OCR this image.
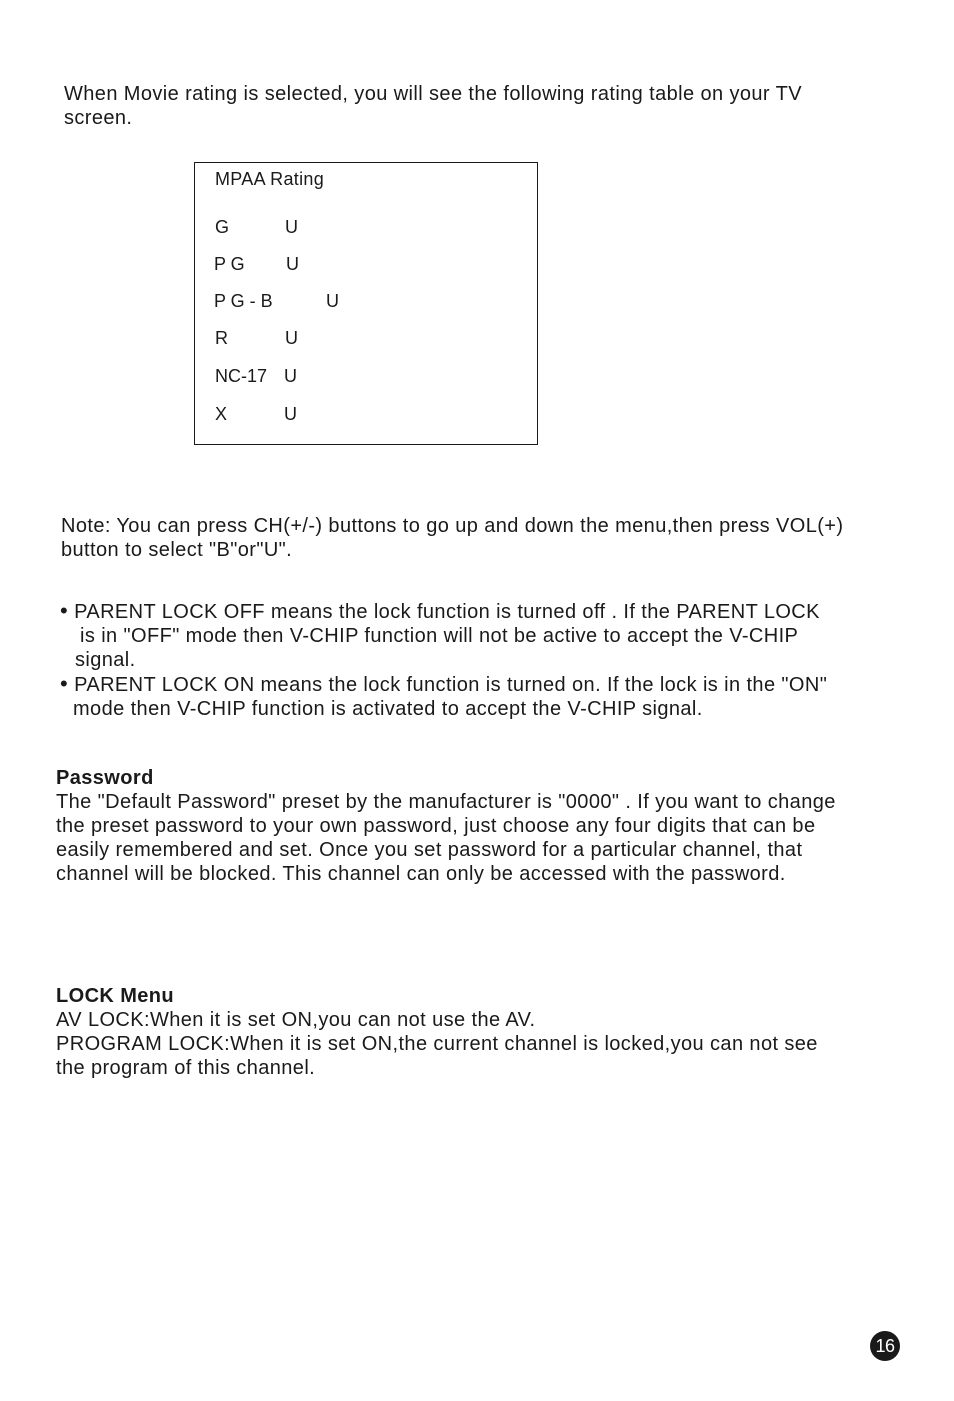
When Movie rating is selected, you will see the following rating table on your TV
screen.
MPAA Rating
G	U
P G U
P G - B	U
R	U
NC-17 U
X	U
Note: You can press CH(+/-) buttons to go up and down the menu,then press VOL(+)
button to select "B"or"U".
• PARENT LOCK OFF means the lock function is turned off . If the PARENT LOCK
is in "OFF" mode then V-CHIP function will not be active to accept the V-CHIP
signal.
• PARENT LOCK ON means the lock function is turned on. If the lock is in the "ON"
mode then V-CHIP function is activated to accept the V-CHIP signal.
Password
The "Default Password" preset by the manufacturer is "0000" . If you want to change
the preset password to your own password, just choose any four digits that can be
easily remembered and set. Once you set password for a particular channel, that
channel will be blocked. This channel can only be accessed with the password.
LOCK Menu
AV LOCK:When it is set ON,you can not use the AV.
PROGRAM LOCK:When it is set ON,the current channel is locked,you can not see
the program of this channel.
16
